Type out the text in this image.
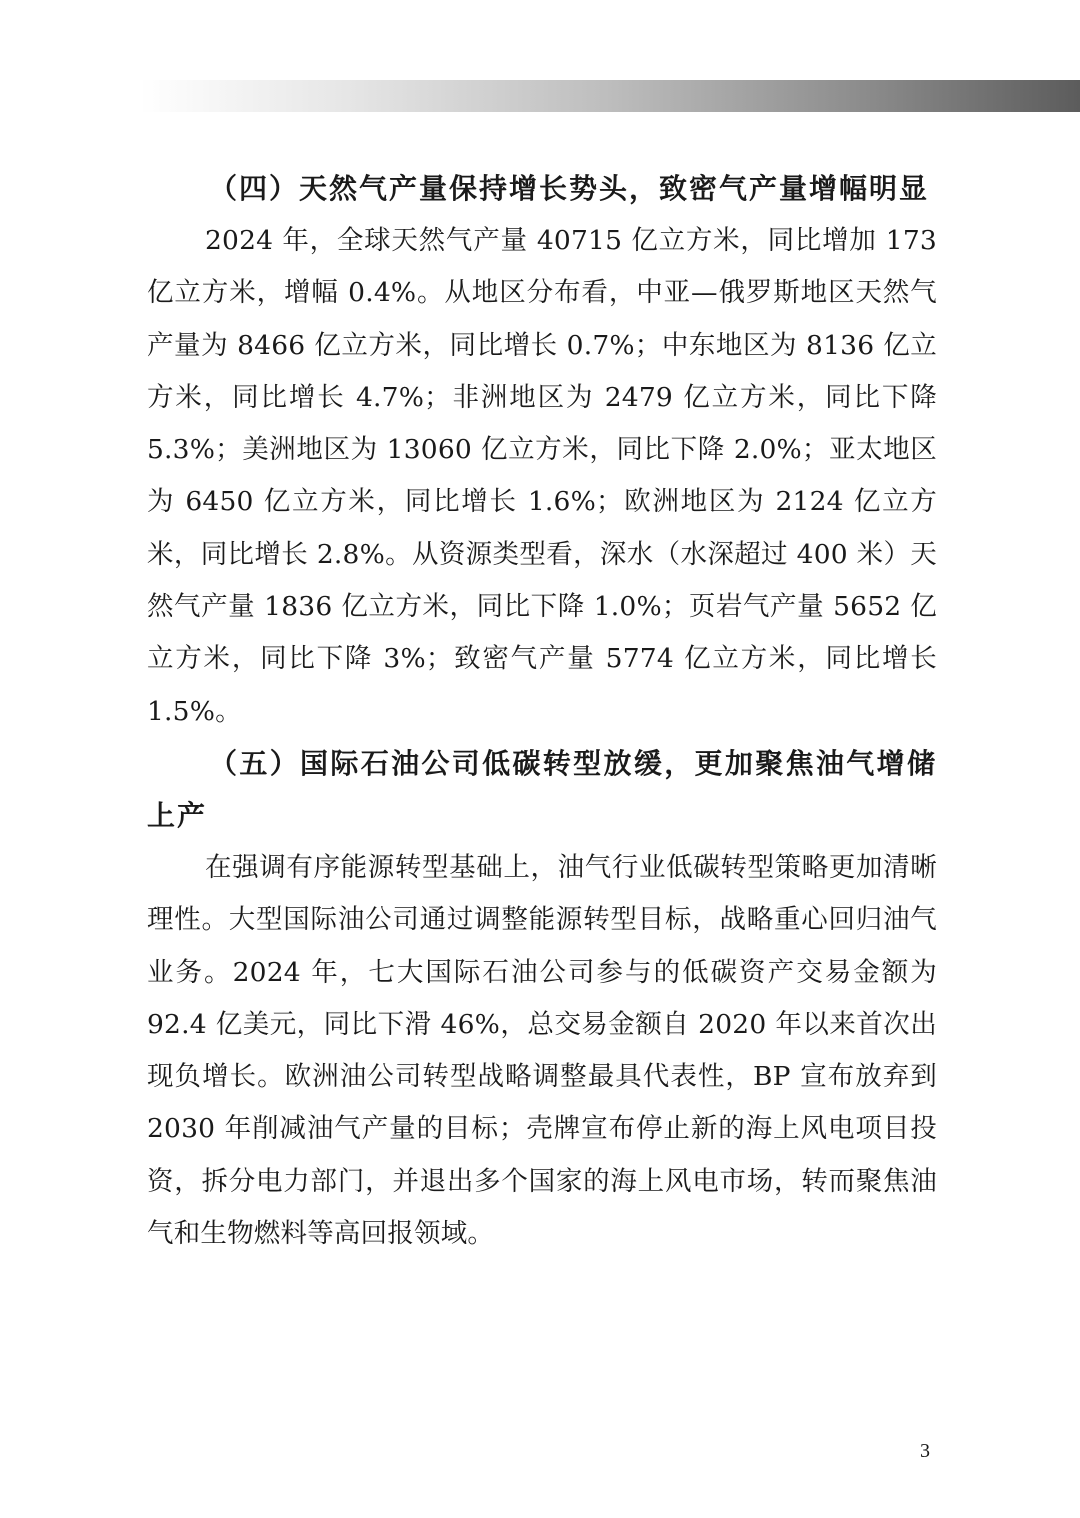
（四）天然气产量保持增长势头，致密气产量增幅明显

2024 年，全球天然气产量 40715 亿立方米，同比增加 173 亿立方米，增幅 0.4%。从地区分布看，中亚—俄罗斯地区天然气产量为 8466 亿立方米，同比增长 0.7%；中东地区为 8136 亿立方米，同比增长 4.7%；非洲地区为 2479 亿立方米，同比下降 5.3%；美洲地区为 13060 亿立方米，同比下降 2.0%；亚太地区为 6450 亿立方米，同比增长 1.6%；欧洲地区为 2124 亿立方米，同比增长 2.8%。从资源类型看，深水（水深超过 400 米）天然气产量 1836 亿立方米，同比下降 1.0%；页岩气产量 5652 亿立方米，同比下降 3%；致密气产量 5774 亿立方米，同比增长 1.5%。

（五）国际石油公司低碳转型放缓，更加聚焦油气增储上产

在强调有序能源转型基础上，油气行业低碳转型策略更加清晰理性。大型国际油公司通过调整能源转型目标，战略重心回归油气业务。2024 年，七大国际石油公司参与的低碳资产交易金额为 92.4 亿美元，同比下滑 46%，总交易金额自 2020 年以来首次出现负增长。欧洲油公司转型战略调整最具代表性，BP 宣布放弃到 2030 年削减油气产量的目标；壳牌宣布停止新的海上风电项目投资，拆分电力部门，并退出多个国家的海上风电市场，转而聚焦油气和生物燃料等高回报领域。

3
